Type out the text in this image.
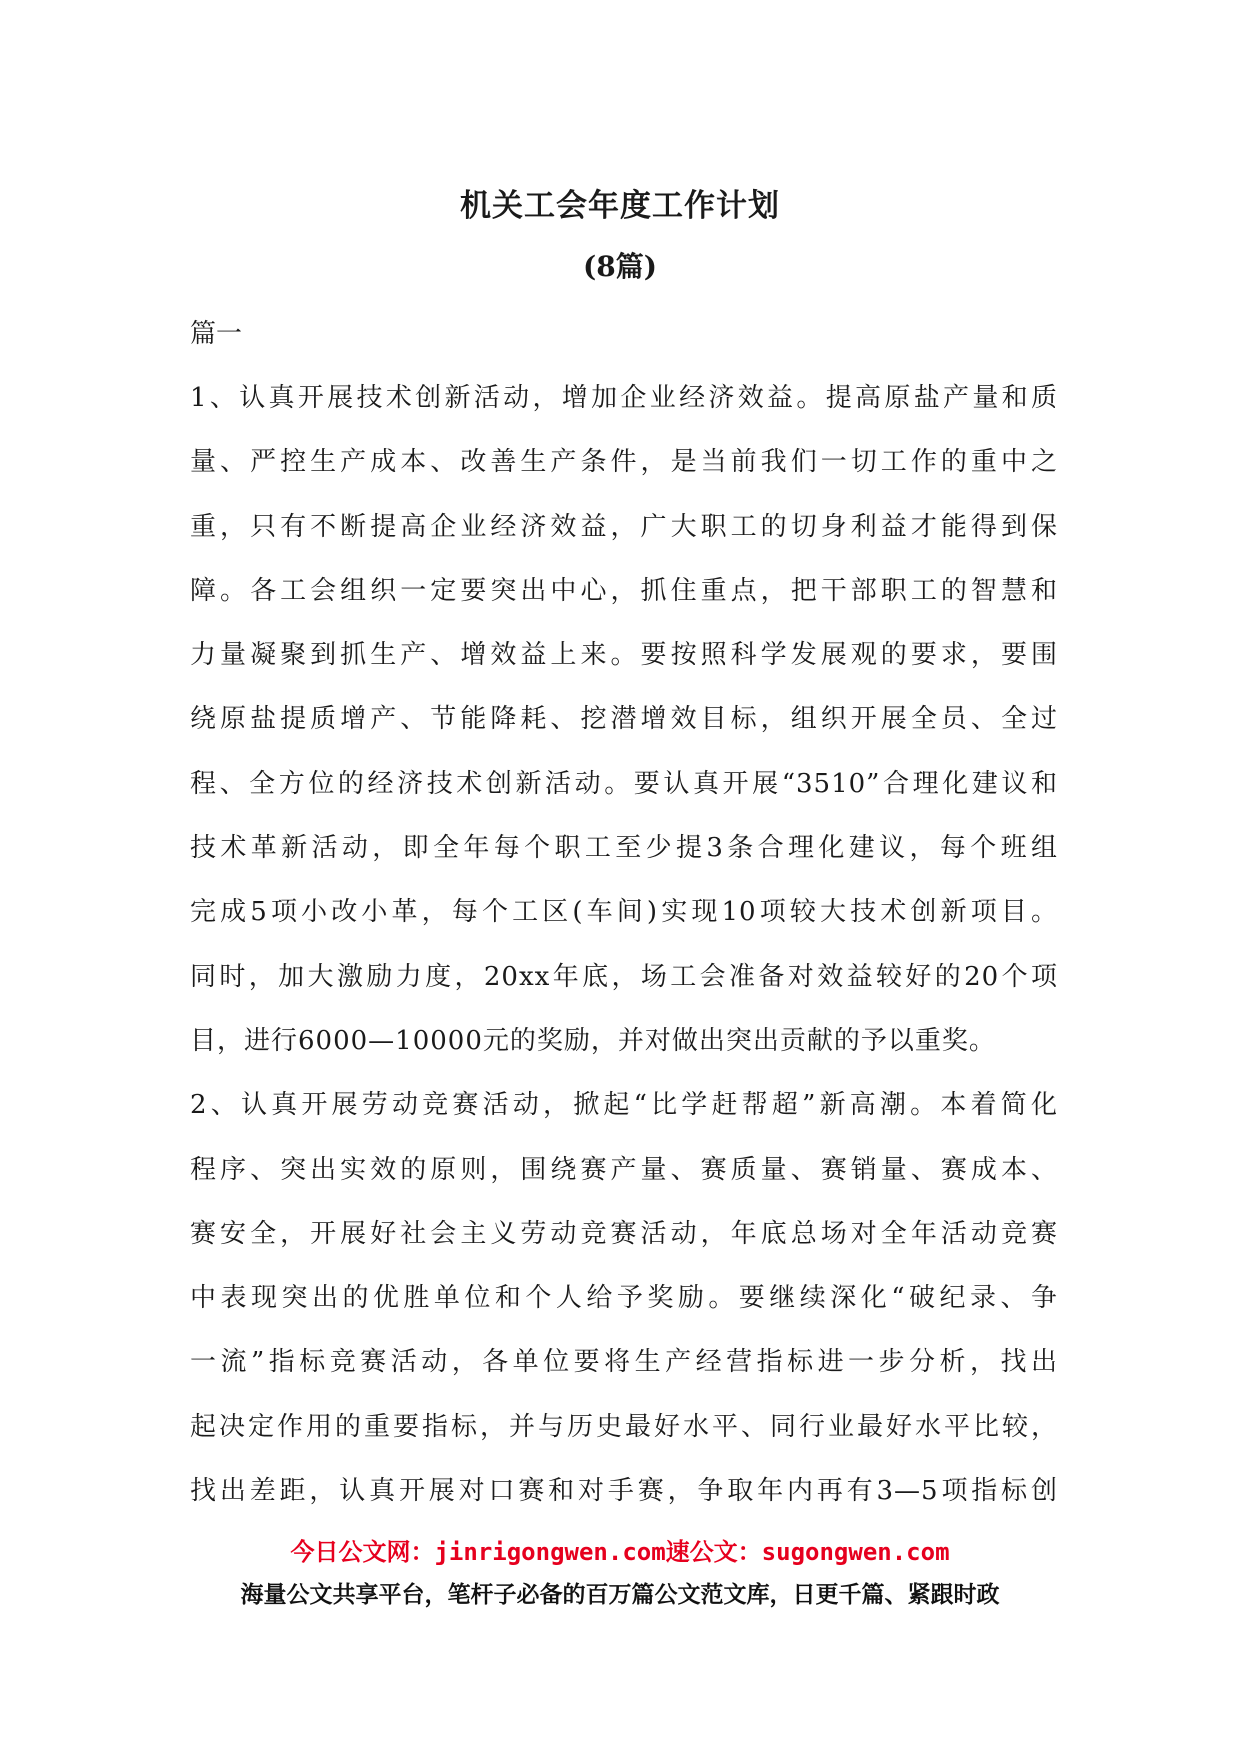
机关工会年度工作计划
(8篇)
篇一
1、认真开展技术创新活动，增加企业经济效益。提高原盐产量和质
量、严控生产成本、改善生产条件，是当前我们一切工作的重中之
重，只有不断提高企业经济效益，广大职工的切身利益才能得到保
障。各工会组织一定要突出中心，抓住重点，把干部职工的智慧和
力量凝聚到抓生产、增效益上来。要按照科学发展观的要求，要围
绕原盐提质增产、节能降耗、挖潜增效目标，组织开展全员、全过
程、全方位的经济技术创新活动。要认真开展“3510”合理化建议和
技术革新活动，即全年每个职工至少提3条合理化建议，每个班组
完成5项小改小革，每个工区(车间)实现10项较大技术创新项目。
同时，加大激励力度，20xx年底，场工会准备对效益较好的20个项
目，进行6000—10000元的奖励，并对做出突出贡献的予以重奖。
2、认真开展劳动竞赛活动，掀起“比学赶帮超”新高潮。本着简化
程序、突出实效的原则，围绕赛产量、赛质量、赛销量、赛成本、
赛安全，开展好社会主义劳动竞赛活动，年底总场对全年活动竞赛
中表现突出的优胜单位和个人给予奖励。要继续深化“破纪录、争
一流”指标竞赛活动，各单位要将生产经营指标进一步分析，找出
起决定作用的重要指标，并与历史最好水平、同行业最好水平比较，
找出差距，认真开展对口赛和对手赛，争取年内再有3—5项指标创
今日公文网：jinrigongwen.com速公文：sugongwen.com
海量公文共享平台，笔杆子必备的百万篇公文范文库，日更千篇、紧跟时政
